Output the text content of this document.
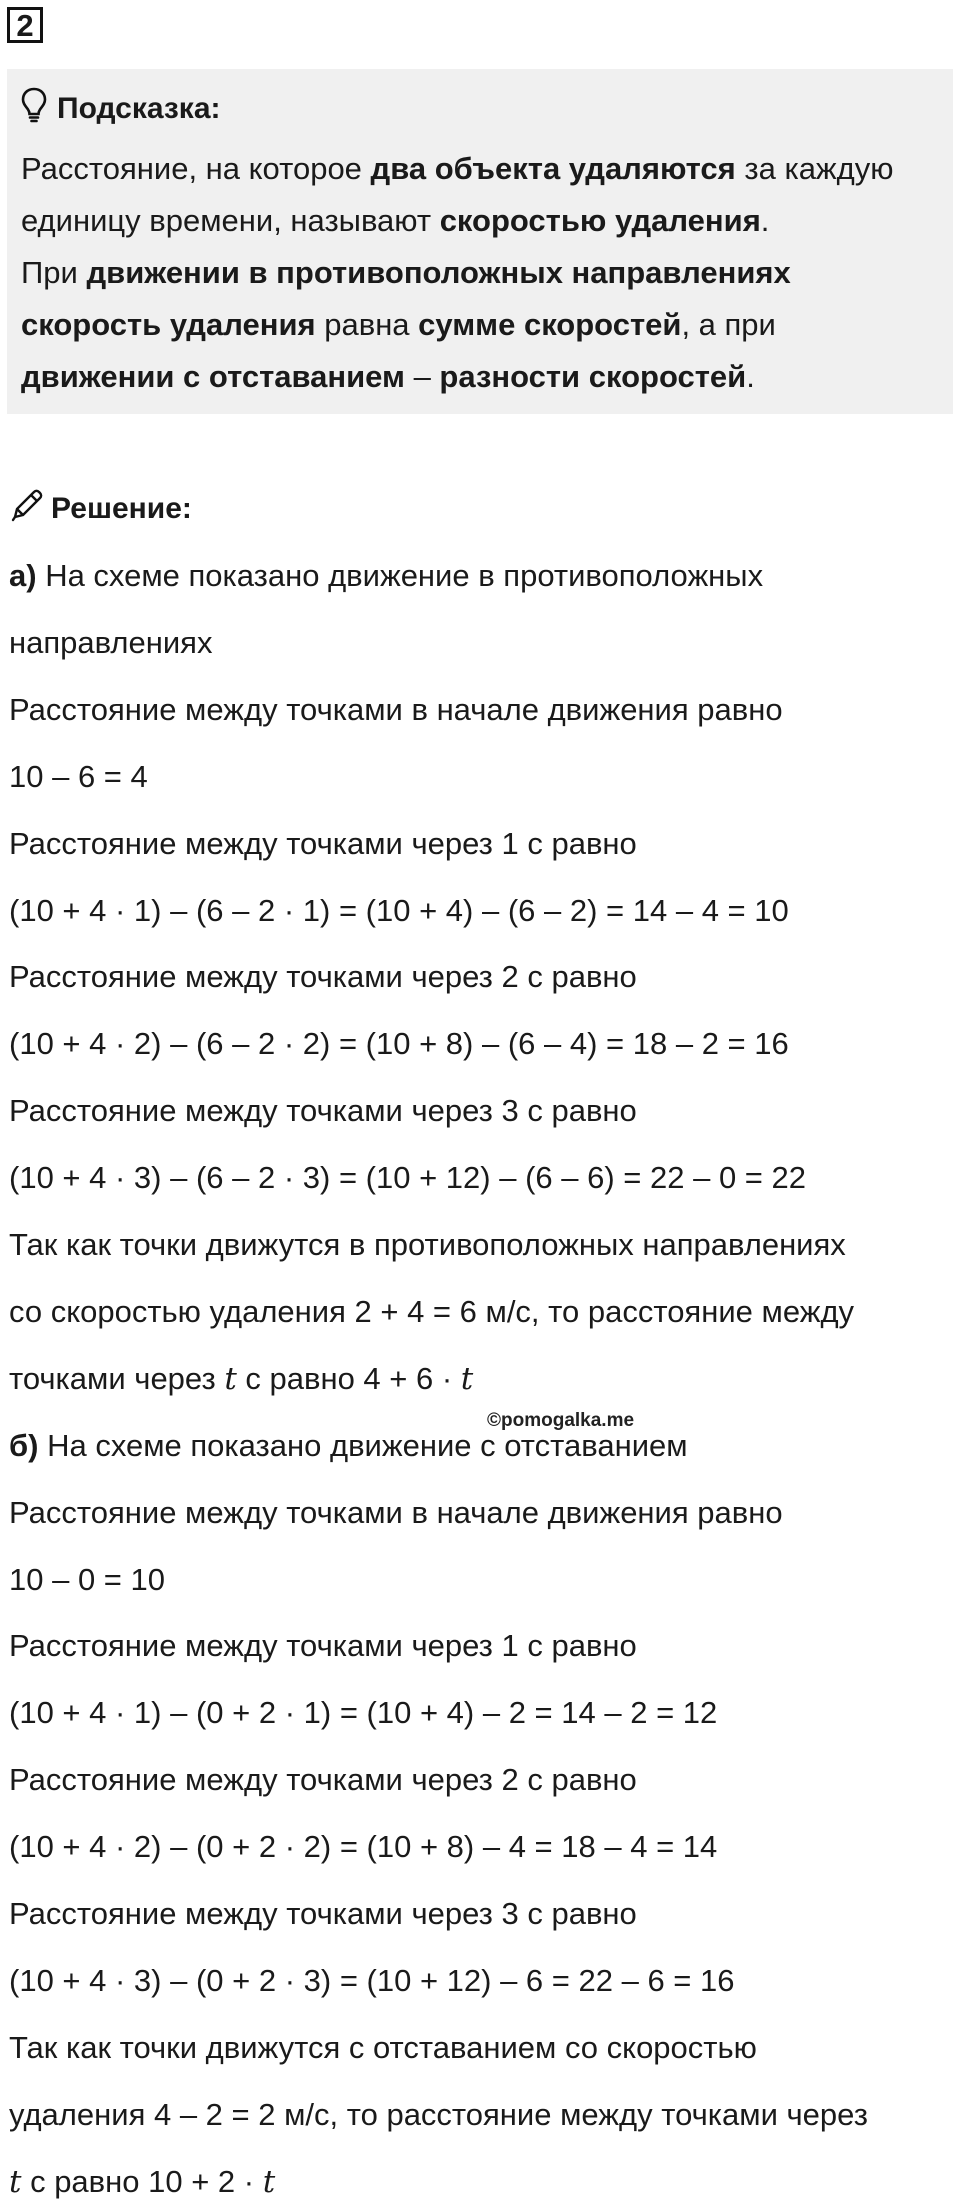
2
Подсказка:
Расстояние, на которое два объекта удаляются за каждую
единицу времени, называют скоростью удаления.
При движении в противоположных направлениях
скорость удаления равна сумме скоростей, а при
движении с отставанием – разности скоростей.
Решение:
а) На схеме показано движение в противоположных
направлениях
Расстояние между точками в начале движения равно
10 – 6 = 4
Расстояние между точками через 1 с равно
(10 + 4 · 1) – (6 – 2 · 1) = (10 + 4) – (6 – 2) = 14 – 4 = 10
Расстояние между точками через 2 с равно
(10 + 4 · 2) – (6 – 2 · 2) = (10 + 8) – (6 – 4) = 18 – 2 = 16
Расстояние между точками через 3 с равно
(10 + 4 · 3) – (6 – 2 · 3) = (10 + 12) – (6 – 6) = 22 – 0 = 22
Так как точки движутся в противоположных направлениях
со скоростью удаления 2 + 4 = 6 м/с, то расстояние между
точками через t с равно 4 + 6 · t
б) На схеме показано движение с отставанием
Расстояние между точками в начале движения равно
10 – 0 = 10
Расстояние между точками через 1 с равно
(10 + 4 · 1) – (0 + 2 · 1) = (10 + 4) – 2 = 14 – 2 = 12
Расстояние между точками через 2 с равно
(10 + 4 · 2) – (0 + 2 · 2) = (10 + 8) – 4 = 18 – 4 = 14
Расстояние между точками через 3 с равно
(10 + 4 · 3) – (0 + 2 · 3) = (10 + 12) – 6 = 22 – 6 = 16
Так как точки движутся с отставанием со скоростью
удаления 4 – 2 = 2 м/с, то расстояние между точками через
t с равно 10 + 2 · t
©pomogalka.me
